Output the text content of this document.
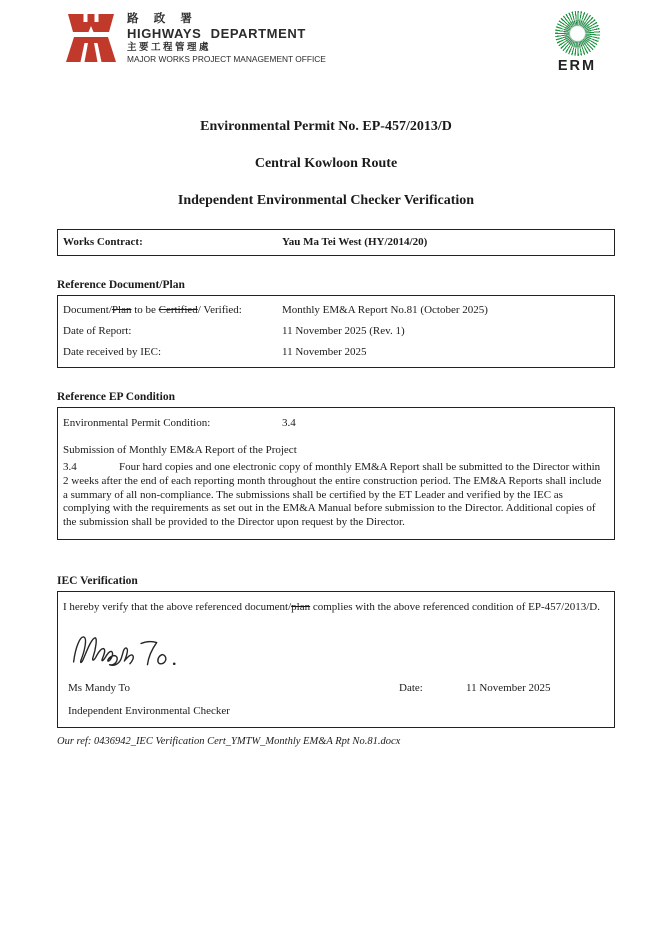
路 政 署
HIGHWAYS DEPARTMENT
主要工程管理處
MAJOR WORKS PROJECT MANAGEMENT OFFICE	ERM
Environmental Permit No. EP-457/2013/D
Central Kowloon Route
Independent Environmental Checker Verification
Works Contract:	Yau Ma Tei West (HY/2014/20)
Reference Document/Plan
Document/Plan to be Certified/ Verified:	Monthly EM&A Report No.81 (October 2025)
Date of Report:	11 November 2025 (Rev. 1)
Date received by IEC:	11 November 2025
Reference EP Condition
Environmental Permit Condition:	3.4
Submission of Monthly EM&A Report of the Project
3.4	Four hard copies and one electronic copy of monthly EM&A Report shall be submitted to the Director within 2 weeks after the end of each reporting month throughout the entire construction period. The EM&A Reports shall include a summary of all non-compliance. The submissions shall be certified by the ET Leader and verified by the IEC as complying with the requirements as set out in the EM&A Manual before submission to the Director. Additional copies of the submission shall be provided to the Director upon request by the Director.
IEC Verification
I hereby verify that the above referenced document/plan complies with the above referenced condition of EP-457/2013/D.
Ms Mandy To	Date:	11 November 2025
Independent Environmental Checker
Our ref: 0436942_IEC Verification Cert_YMTW_Monthly EM&A Rpt No.81.docx
